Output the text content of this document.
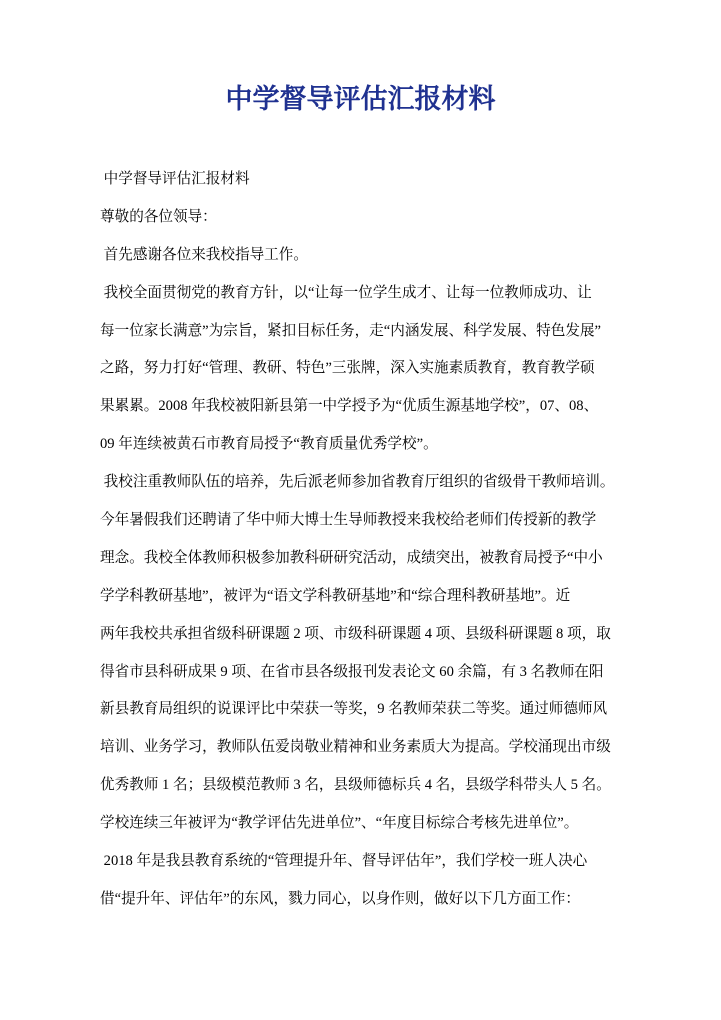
中学督导评估汇报材料
中学督导评估汇报材料
尊敬的各位领导：
首先感谢各位来我校指导工作。
我校全面贯彻党的教育方针，以“让每一位学生成才、让每一位教师成功、让
每一位家长满意”为宗旨，紧扣目标任务，走“内涵发展、科学发展、特色发展”
之路，努力打好“管理、教研、特色”三张牌，深入实施素质教育，教育教学硕
果累累。2008 年我校被阳新县第一中学授予为“优质生源基地学校”，07、08、
09 年连续被黄石市教育局授予“教育质量优秀学校”。
我校注重教师队伍的培养，先后派老师参加省教育厅组织的省级骨干教师培训。
今年暑假我们还聘请了华中师大博士生导师教授来我校给老师们传授新的教学
理念。我校全体教师积极参加教科研研究活动，成绩突出，被教育局授予“中小
学学科教研基地”，被评为“语文学科教研基地”和“综合理科教研基地”。近
两年我校共承担省级科研课题 2 项、市级科研课题 4 项、县级科研课题 8 项，取
得省市县科研成果 9 项、在省市县各级报刊发表论文 60 余篇，有 3 名教师在阳
新县教育局组织的说课评比中荣获一等奖，9 名教师荣获二等奖。通过师德师风
培训、业务学习，教师队伍爱岗敬业精神和业务素质大为提高。学校涌现出市级
优秀教师 1 名；县级模范教师 3 名，县级师德标兵 4 名，县级学科带头人 5 名。
学校连续三年被评为“教学评估先进单位”、“年度目标综合考核先进单位”。
2018 年是我县教育系统的“管理提升年、督导评估年”，我们学校一班人决心
借“提升年、评估年”的东风，戮力同心，以身作则，做好以下几方面工作：
